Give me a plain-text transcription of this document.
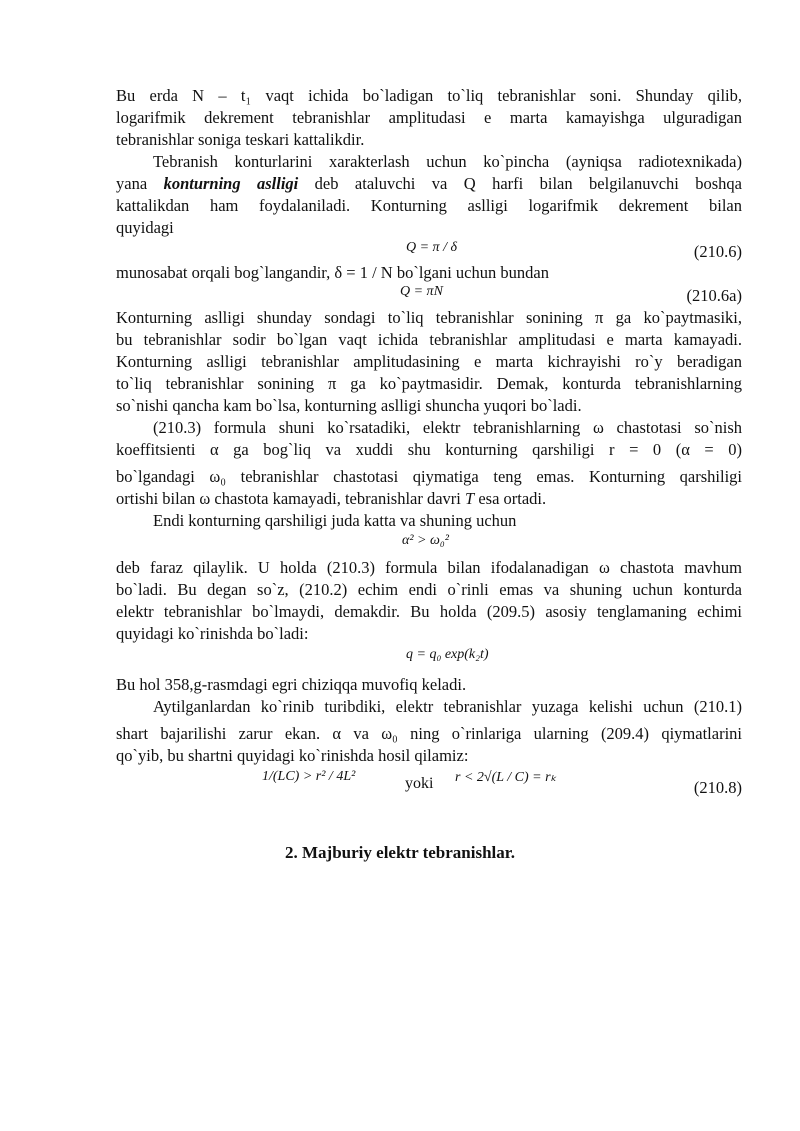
Bu erda N – t₁ vaqt ichida bo`ladigan to`liq tebranishlar soni. Shunday qilib,
logarifmik dekrement tebranishlar amplitudasi e marta kamayishga ulguradigan
tebranishlar soniga teskari kattalikdir.
Tebranish konturlarini xarakterlash uchun ko`pincha (ayniqsa radiotexnikada)
yana konturning aslligi deb ataluvchi va Q harfi bilan belgilanuvchi boshqa
kattalikdan ham foydalaniladi. Konturning aslligi logarifmik dekrement bilan
quyidagi
Q = π / δ	(210.6)
munosabat orqali bog`langandir, δ = 1 / N bo`lgani uchun bundan
Q = πN	(210.6a)
Konturning aslligi shunday sondagi to`liq tebranishlar sonining π ga ko`paytmasiki,
bu tebranishlar sodir bo`lgan vaqt ichida tebranishlar amplitudasi e marta kamayadi.
Konturning aslligi tebranishlar amplitudasining e marta kichrayishi ro`y beradigan
to`liq tebranishlar sonining π ga ko`paytmasidir. Demak, konturda tebranishlarning
so`nishi qancha kam bo`lsa, konturning aslligi shuncha yuqori bo`ladi.
(210.3) formula shuni ko`rsatadiki, elektr tebranishlarning ω chastotasi so`nish
koeffitsienti α ga bog`liq va xuddi shu konturning qarshiligi r = 0 (α = 0)
bo`lgandagi ω₀ tebranishlar chastotasi qiymatiga teng emas. Konturning qarshiligi
ortishi bilan ω chastota kamayadi, tebranishlar davri T esa ortadi.
Endi konturning qarshiligi juda katta va shuning uchun
α² > ω₀²
deb faraz qilaylik. U holda (210.3) formula bilan ifodalanadigan ω chastota mavhum
bo`ladi. Bu degan so`z, (210.2) echim endi o`rinli emas va shuning uchun konturda
elektr tebranishlar bo`lmaydi, demakdir. Bu holda (209.5) asosiy tenglamaning echimi
quyidagi ko`rinishda bo`ladi:
q = q₀ exp(k₂t)
Bu hol 358,g-rasmdagi egri chiziqqa muvofiq keladi.
Aytilganlardan ko`rinib turibdiki, elektr tebranishlar yuzaga kelishi uchun (210.1)
shart bajarilishi zarur ekan. α va ω₀ ning o`rinlariga ularning (209.4) qiymatlarini
qo`yib, bu shartni quyidagi ko`rinishda hosil qilamiz:
1/(LC) > r² / 4L²	yoki r < 2√(L / C) = rₖ
(210.8)
2. Majburiy elektr tebranishlar.
